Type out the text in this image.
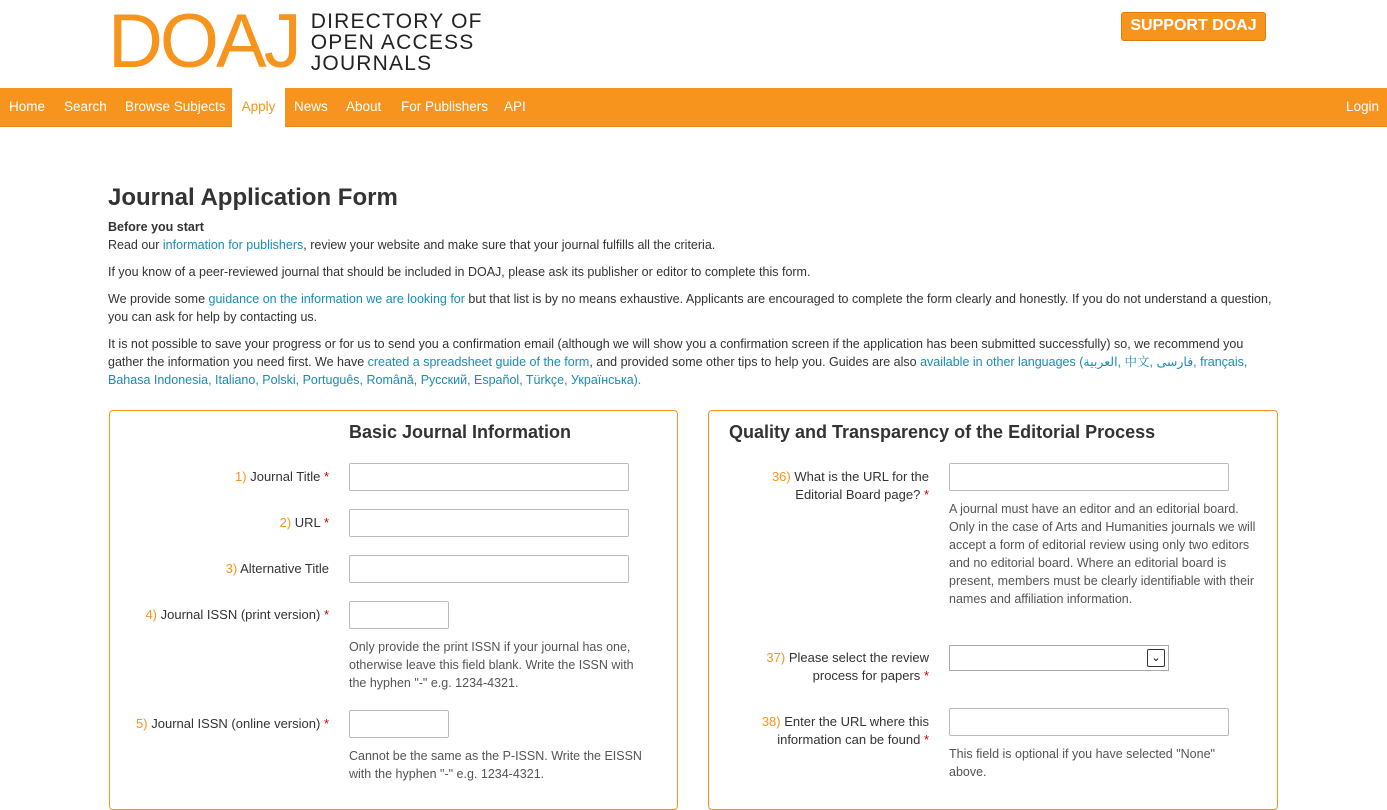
DOAJ DIRECTORY OF
OPEN ACCESS
JOURNALS
SUPPORT DOAJ
Home Search Browse Subjects	Apply	News About For Publishers API	Login
Journal Application Form

Before you start
Read our information for publishers, review your website and make sure that your journal fulfills all the criteria.

If you know of a peer-reviewed journal that should be included in DOAJ, please ask its publisher or editor to complete this form.

We provide some guidance on the information we are looking for but that list is by no means exhaustive. Applicants are encouraged to complete the form clearly and honestly. If you do not understand a question, you can ask for help by contacting us.

It is not possible to save your progress or for us to send you a confirmation email (although we will show you a confirmation screen if the application has been submitted successfully) so, we recommend you gather the information you need first. We have created a spreadsheet guide of the form, and provided some other tips to help you. Guides are also available in other languages (العربية, 中文, فارسی, français, Bahasa Indonesia, Italiano, Polski, Português, Română, Русский, Español, Türkçe, Українська).

Basic Journal Information
1) Journal Title *
2) URL *
3) Alternative Title
4) Journal ISSN (print version) *
Only provide the print ISSN if your journal has one, otherwise leave this field blank. Write the ISSN with the hyphen "-" e.g. 1234-4321.
5) Journal ISSN (online version) *
Cannot be the same as the P-ISSN. Write the EISSN with the hyphen "-" e.g. 1234-4321.
Quality and Transparency of the Editorial Process
36) What is the URL for the
Editorial Board page? *
A journal must have an editor and an editorial board. Only in the case of Arts and Humanities journals we will accept a form of editorial review using only two editors and no editorial board. Where an editorial board is present, members must be clearly identifiable with their names and affiliation information.
37) Please select the review
process for papers *
⌄
38) Enter the URL where this
information can be found *
This field is optional if you have selected "None" above.
